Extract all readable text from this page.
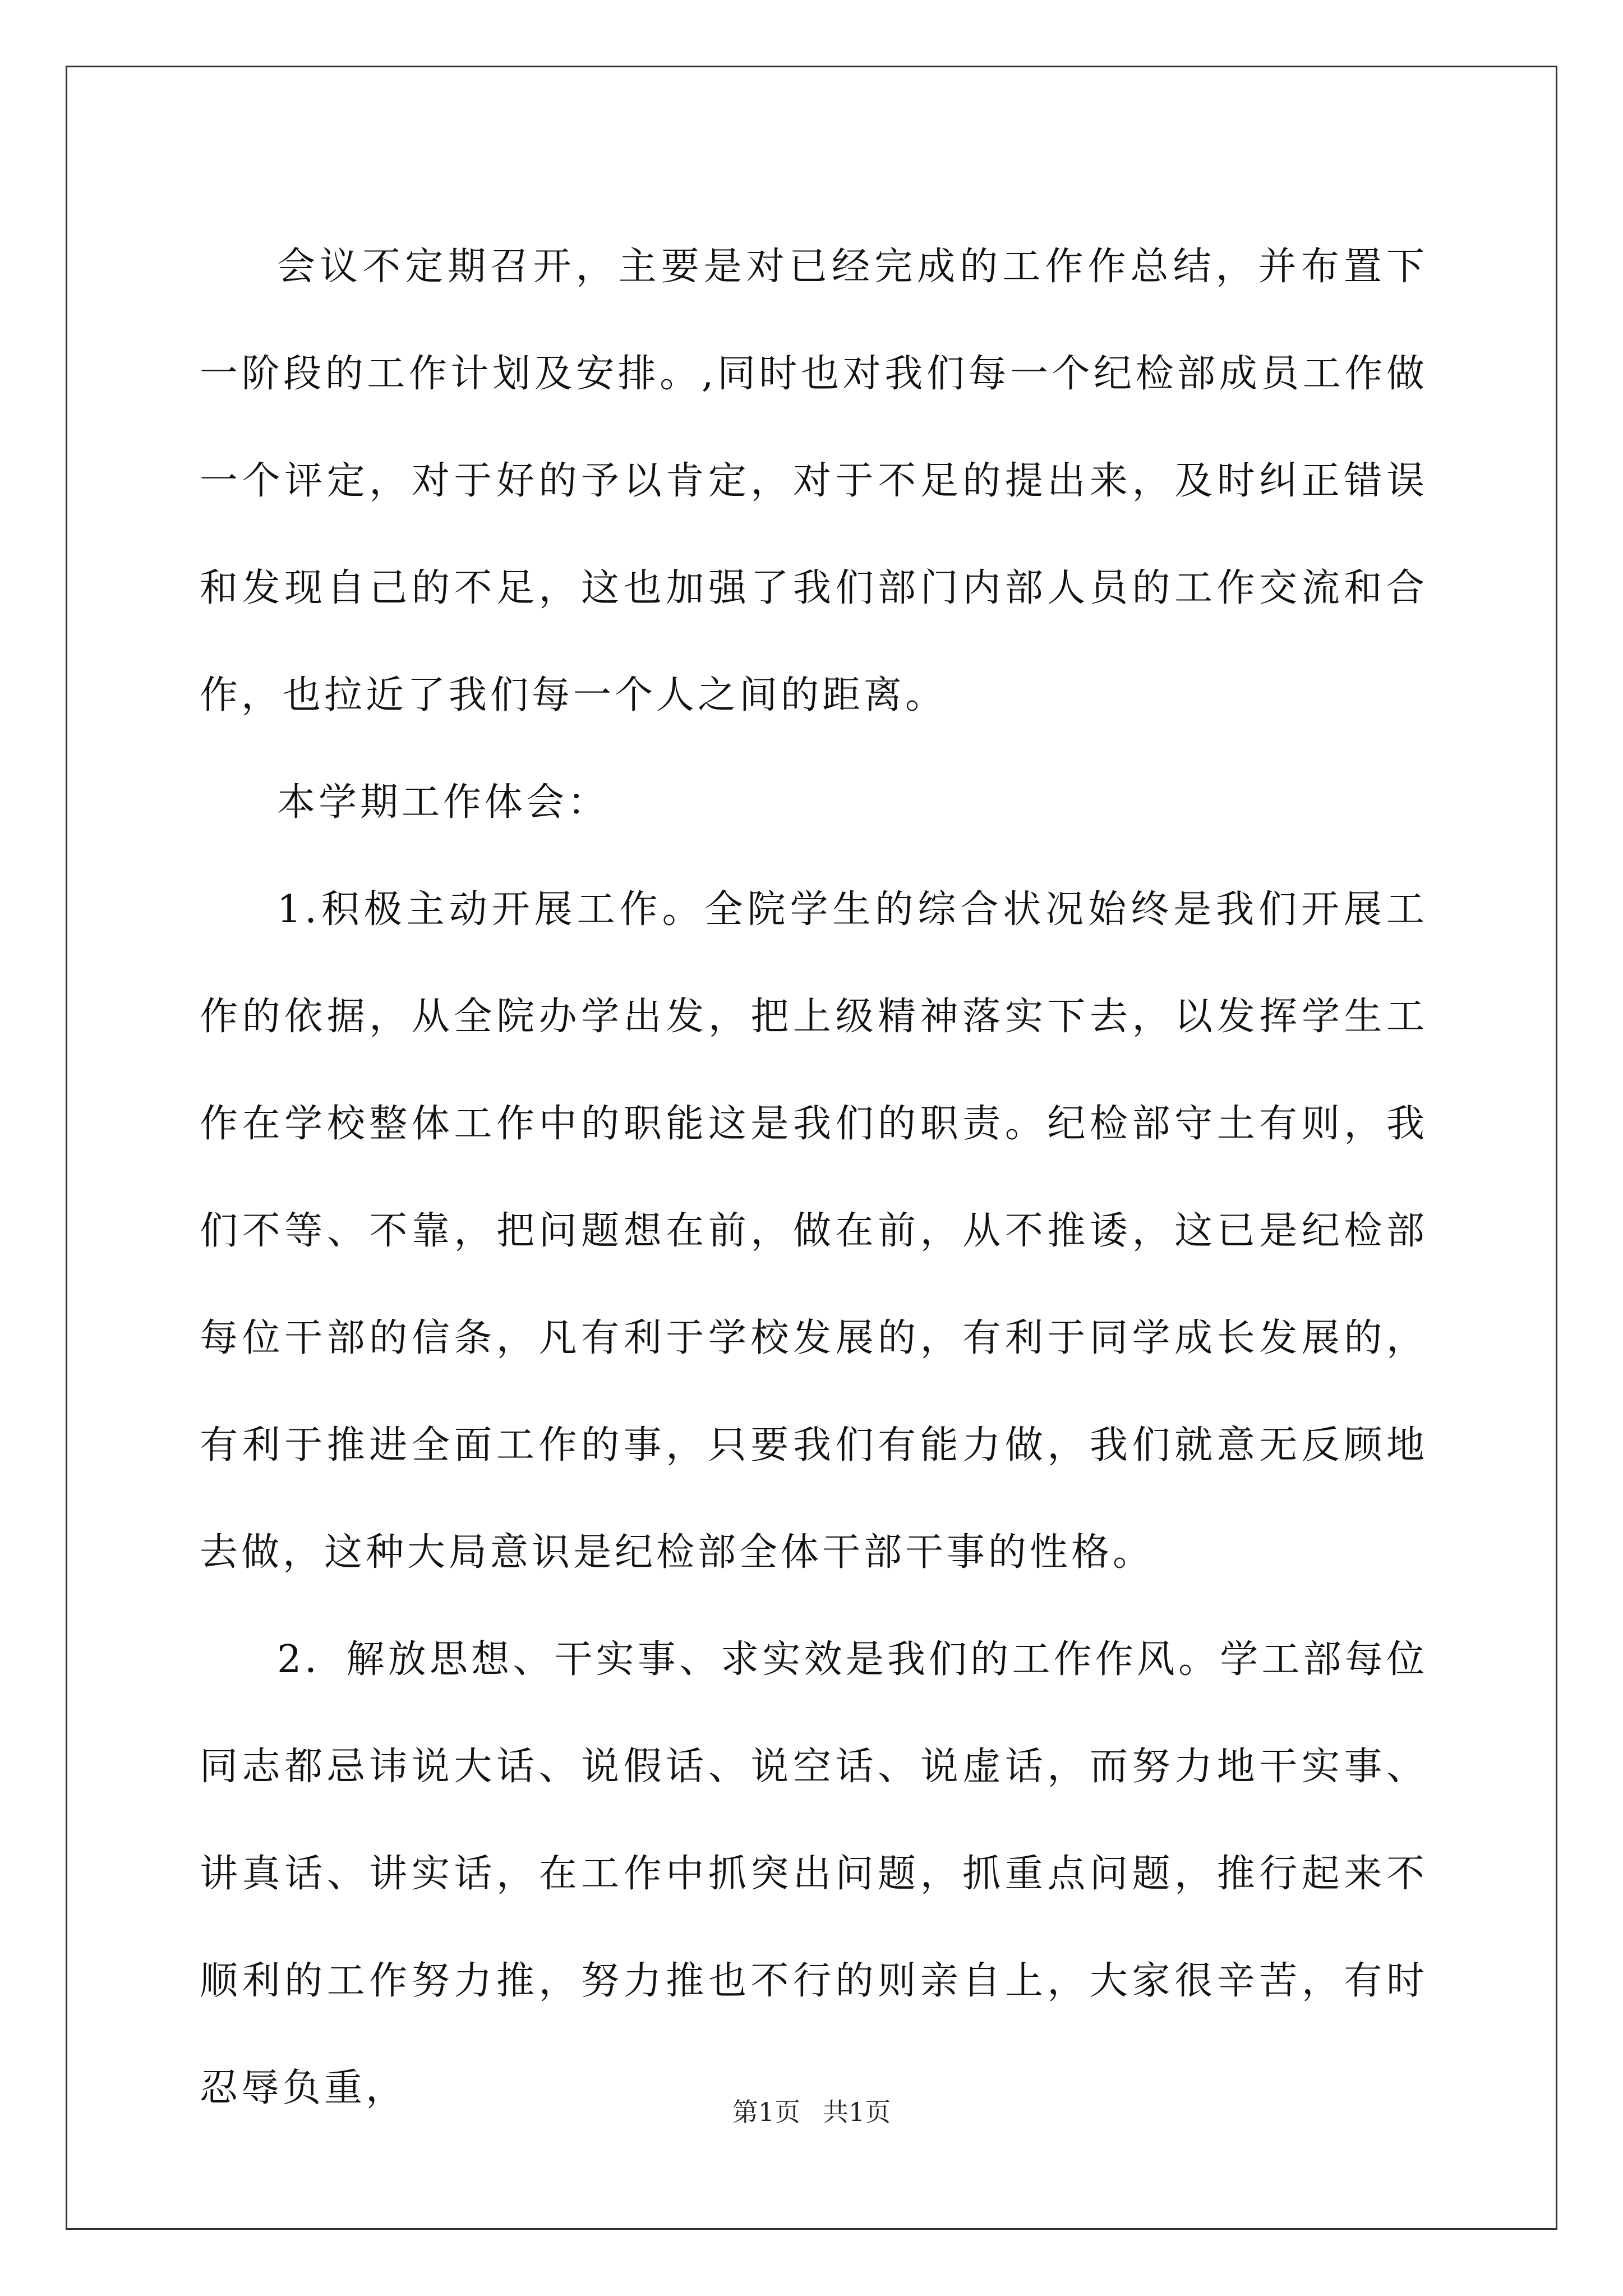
会议不定期召开，主要是对已经完成的工作作总结，并布置下一阶段的工作计划及安排。,同时也对我们每一个纪检部成员工作做一个评定，对于好的予以肯定，对于不足的提出来，及时纠正错误和发现自己的不足，这也加强了我们部门内部人员的工作交流和合作，也拉近了我们每一个人之间的距离。

本学期工作体会：

1.积极主动开展工作。全院学生的综合状况始终是我们开展工作的依据，从全院办学出发，把上级精神落实下去，以发挥学生工作在学校整体工作中的职能这是我们的职责。纪检部守土有则，我们不等、不靠，把问题想在前，做在前，从不推诿，这已是纪检部每位干部的信条，凡有利于学校发展的，有利于同学成长发展的，有利于推进全面工作的事，只要我们有能力做，我们就意无反顾地去做，这种大局意识是纪检部全体干部干事的性格。

2．解放思想、干实事、求实效是我们的工作作风。学工部每位同志都忌讳说大话、说假话、说空话、说虚话，而努力地干实事、讲真话、讲实话，在工作中抓突出问题，抓重点问题，推行起来不顺利的工作努力推，努力推也不行的则亲自上，大家很辛苦，有时忍辱负重，

第1页 共1页
